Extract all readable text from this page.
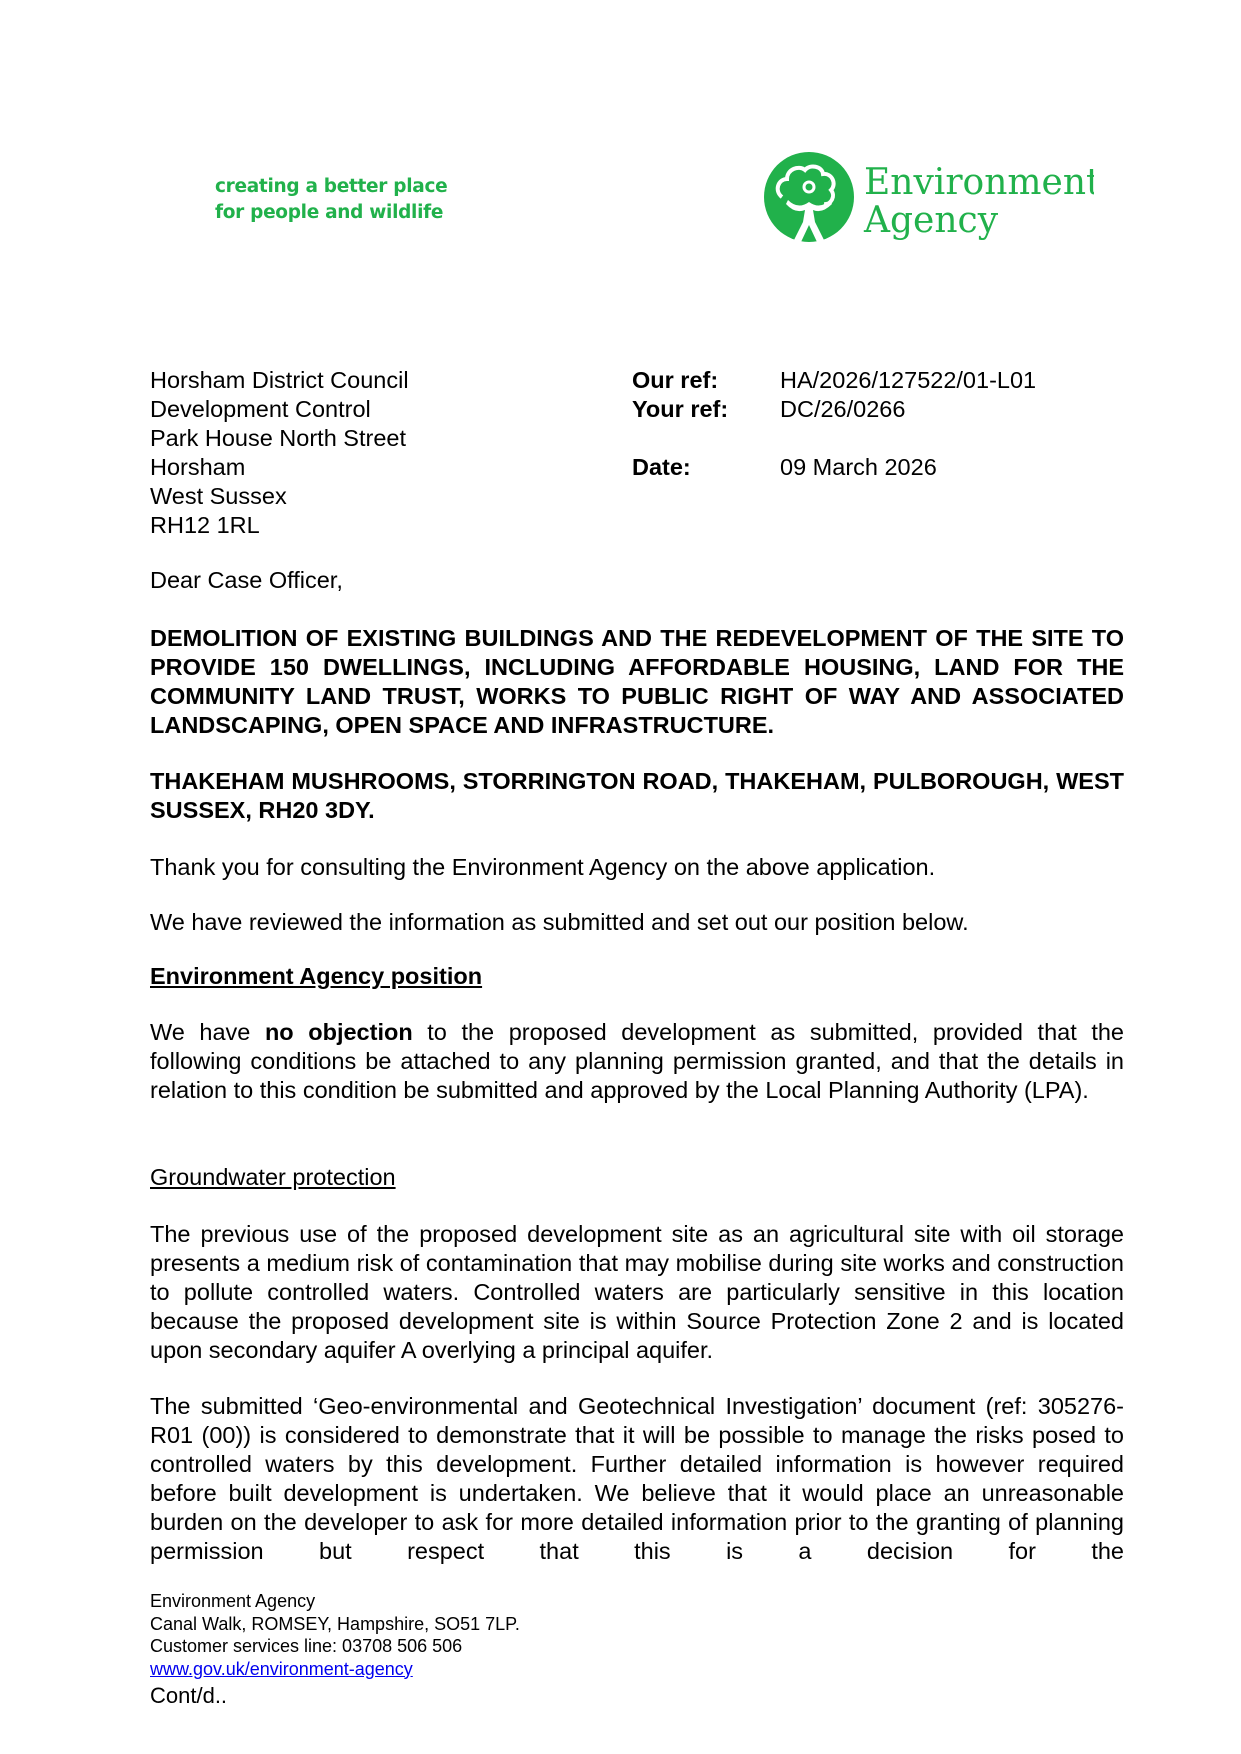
creating a better place
for people and wildlife
Environment
Agency
Horsham District Council
Development Control
Park House North Street
Horsham
West Sussex
RH12 1RL
Our ref:	HA/2026/127522/01-L01
Your ref:	DC/26/0266
Date:	09 March 2026

Dear Case Officer,

DEMOLITION OF EXISTING BUILDINGS AND THE REDEVELOPMENT OF THE SITE TO PROVIDE 150 DWELLINGS, INCLUDING AFFORDABLE HOUSING, LAND FOR THE COMMUNITY LAND TRUST, WORKS TO PUBLIC RIGHT OF WAY AND ASSOCIATED LANDSCAPING, OPEN SPACE AND INFRASTRUCTURE.

THAKEHAM MUSHROOMS, STORRINGTON ROAD, THAKEHAM, PULBOROUGH, WEST SUSSEX, RH20 3DY.

Thank you for consulting the Environment Agency on the above application.

We have reviewed the information as submitted and set out our position below.

Environment Agency position

We have no objection to the proposed development as submitted, provided that the following conditions be attached to any planning permission granted, and that the details in relation to this condition be submitted and approved by the Local Planning Authority (LPA).

Groundwater protection

The previous use of the proposed development site as an agricultural site with oil storage presents a medium risk of contamination that may mobilise during site works and construction to pollute controlled waters. Controlled waters are particularly sensitive in this location because the proposed development site is within Source Protection Zone 2 and is located upon secondary aquifer A overlying a principal aquifer.

The submitted ‘Geo-environmental and Geotechnical Investigation’ document (ref: 305276-R01 (00)) is considered to demonstrate that it will be possible to manage the risks posed to controlled waters by this development. Further detailed information is however required before built development is undertaken. We believe that it would place an unreasonable burden on the developer to ask for more detailed information prior to the granting of planning permission but respect that this is a decision for the

Environment Agency
Canal Walk, ROMSEY, Hampshire, SO51 7LP.
Customer services line: 03708 506 506
www.gov.uk/environment-agency
Cont/d..
